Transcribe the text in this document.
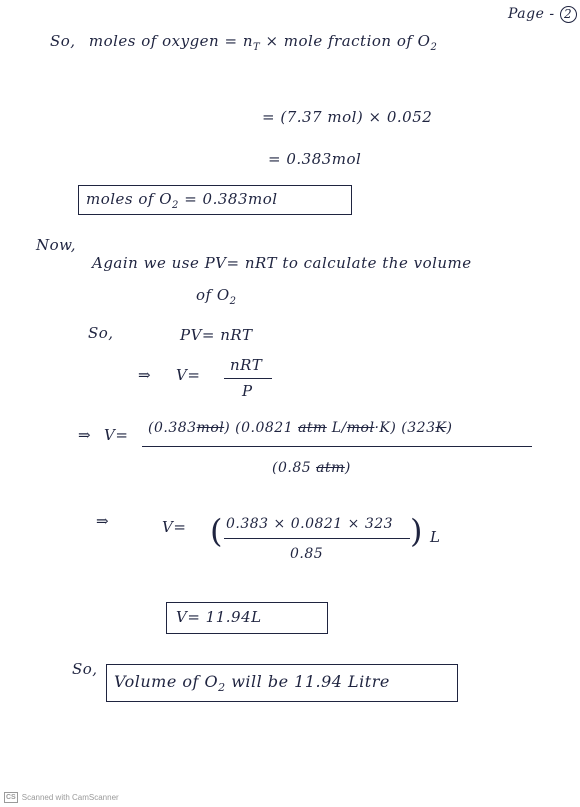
Page - 2
So, moles of oxygen = $n_T$ × mole fraction of $O_2$
= (7.37 mol) × 0.052
= 0.383mol
moles of $O_2 = 0.383mol$
Now,
Again we use PV= nRT to calculate the volume
of $O_2$
So,	PV= nRT
⇒ V=
nRT
P
⇒ V= (0.383mol) (0.0821 atm L/mol·K) (323K)
(0.85 atm)
⇒	V= ( 0.383 × 0.0821 × 323
0.85
) L
V= 11.94L
So,
Volume of $O_2$ will be 11.94 Litre
CS Scanned with CamScanner
